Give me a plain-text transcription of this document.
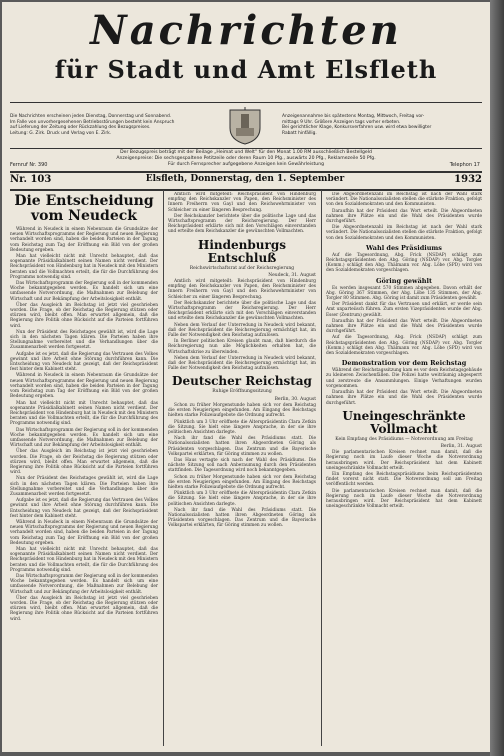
Nachrichten
für Stadt und Amt Elsfleth
Die Nachrichten erscheinen jeden Dienstag, Donnerstag und Sonnabend.
Im Falle von unvorhergesehenen Betriebsstörungen besteht kein Anspruch
auf Lieferung der Zeitung oder Rückzahlung des Bezugspreises.
Leitung: G. Zirk. Druck und Verlag von E. Zirk.
Anzeigenannahme bis spätestens Montag, Mittwoch, Freitag vor-
mittags 9 Uhr. Größere Anzeigen tags vorher erbeten.
Bei gerichtlicher Klage, Konkursverfahren usw. wird etwa bewilligter
Rabatt hinfällig.
Der Bezugspreis beträgt mit der Beilage „Heimat und Welt“ für den Monat 1.00 RM ausschließlich Bestellgeld
Anzeigenpreise: Die sechsgespaltene Petitzeile oder deren Raum 10 Pfg., auswärts 20 Pfg., Reklamezeile 50 Pfg.
Für durch Fernsprecher aufgegebene Anzeigen kein Gewährleistung
Fernruf Nr. 390	Telephon 17
Nr. 103	Elsfleth, Donnerstag, den 1. September	1932
Die Entscheidung vom Neudeck

Während in Neudeck in einem Nebenraum die Grundsätze der neuen Wirtschaftsprogramms der Regierung und neuen Regierung verhandelt worden sind, haben die beiden Parteien in der Tagung vom Reichstag zum Tag der Eröffnung ein Bild von der großen Bedeutung ergeben.

Man hat vielleicht nicht mit Unrecht behauptet, daß das sogenannte Präsidialkabinett seinen Namen nicht verdient. Der Reichspräsident von Hindenburg hat in Neudeck mit den Ministern beraten und die Vollmachten erteilt, die für die Durchführung des Programms notwendig sind.

Das Wirtschaftsprogramm der Regierung soll in der kommenden Woche bekanntgegeben werden. Es handelt sich um eine umfassende Notverordnung, die Maßnahmen zur Belebung der Wirtschaft und zur Bekämpfung der Arbeitslosigkeit enthält.

Über das Ausgleich im Reichstag ist jetzt viel geschrieben worden. Die Frage, ob der Reichstag die Regierung stützen oder stürzen wird, bleibt offen. Man erwartet allgemein, daß die Regierung ihre Politik ohne Rücksicht auf die Parteien fortführen wird.

Nun der Präsident des Reichstages gewählt ist, wird die Lage sich in den nächsten Tagen klären. Die Parteien haben ihre Stellungnahme vorbereitet und die Verhandlungen über die Zusammenarbeit werden fortgesetzt.

Aufgabe ist es jetzt, daß die Regierung das Vertrauen des Volkes gewinnt und ihre Arbeit ohne Störung durchführen kann. Die Entscheidung von Neudeck hat gezeigt, daß der Reichspräsident fest hinter dem Kabinett steht.

Während in Neudeck in einem Nebenraum die Grundsätze der neuen Wirtschaftsprogramms der Regierung und neuen Regierung verhandelt worden sind, haben die beiden Parteien in der Tagung vom Reichstag zum Tag der Eröffnung ein Bild von der großen Bedeutung ergeben.

Man hat vielleicht nicht mit Unrecht behauptet, daß das sogenannte Präsidialkabinett seinen Namen nicht verdient. Der Reichspräsident von Hindenburg hat in Neudeck mit den Ministern beraten und die Vollmachten erteilt, die für die Durchführung des Programms notwendig sind.

Das Wirtschaftsprogramm der Regierung soll in der kommenden Woche bekanntgegeben werden. Es handelt sich um eine umfassende Notverordnung, die Maßnahmen zur Belebung der Wirtschaft und zur Bekämpfung der Arbeitslosigkeit enthält.

Über das Ausgleich im Reichstag ist jetzt viel geschrieben worden. Die Frage, ob der Reichstag die Regierung stützen oder stürzen wird, bleibt offen. Man erwartet allgemein, daß die Regierung ihre Politik ohne Rücksicht auf die Parteien fortführen wird.

Nun der Präsident des Reichstages gewählt ist, wird die Lage sich in den nächsten Tagen klären. Die Parteien haben ihre Stellungnahme vorbereitet und die Verhandlungen über die Zusammenarbeit werden fortgesetzt.

Aufgabe ist es jetzt, daß die Regierung das Vertrauen des Volkes gewinnt und ihre Arbeit ohne Störung durchführen kann. Die Entscheidung von Neudeck hat gezeigt, daß der Reichspräsident fest hinter dem Kabinett steht.

Während in Neudeck in einem Nebenraum die Grundsätze der neuen Wirtschaftsprogramms der Regierung und neuen Regierung verhandelt worden sind, haben die beiden Parteien in der Tagung vom Reichstag zum Tag der Eröffnung ein Bild von der großen Bedeutung ergeben.

Man hat vielleicht nicht mit Unrecht behauptet, daß das sogenannte Präsidialkabinett seinen Namen nicht verdient. Der Reichspräsident von Hindenburg hat in Neudeck mit den Ministern beraten und die Vollmachten erteilt, die für die Durchführung des Programms notwendig sind.

Das Wirtschaftsprogramm der Regierung soll in der kommenden Woche bekanntgegeben werden. Es handelt sich um eine umfassende Notverordnung, die Maßnahmen zur Belebung der Wirtschaft und zur Bekämpfung der Arbeitslosigkeit enthält.

Über das Ausgleich im Reichstag ist jetzt viel geschrieben worden. Die Frage, ob der Reichstag die Regierung stützen oder stürzen wird, bleibt offen. Man erwartet allgemein, daß die Regierung ihre Politik ohne Rücksicht auf die Parteien fortführen wird.

Amtlich wird mitgeteilt: Reichspräsident von Hindenburg empfing den Reichskanzler von Papen, den Reichsminister des Innern Freiherrn von Gayl und den Reichswehrminister von Schleicher zu einer längeren Besprechung.

Der Reichskanzler berichtete über die politische Lage und das Wirtschaftsprogramm der Reichsregierung. Der Herr Reichspräsident erklärte sich mit den Vorschlägen einverstanden und erteilte dem Reichskanzler die gewünschten Vollmachten.

Hindenburgs Entschluß
Reichswirtschaftsrat auf der Reichsregierung
Neudeck, 31. August

Amtlich wird mitgeteilt: Reichspräsident von Hindenburg empfing den Reichskanzler von Papen, den Reichsminister des Innern Freiherrn von Gayl und den Reichswehrminister von Schleicher zu einer längeren Besprechung.

Der Reichskanzler berichtete über die politische Lage und das Wirtschaftsprogramm der Reichsregierung. Der Herr Reichspräsident erklärte sich mit den Vorschlägen einverstanden und erteilte dem Reichskanzler die gewünschten Vollmachten.

Neben dem Verlauf der Unterredung in Neudeck wird bekannt, daß der Reichspräsident die Reichsregierung ermächtigt hat, im Falle der Notwendigkeit den Reichstag aufzulösen.

In Berliner politischen Kreisen glaubt man, daß hierdurch die Reichsregierung nun alle Möglichkeiten erhalten hat, die Wirtschaftskrise zu überwinden.

Neben dem Verlauf der Unterredung in Neudeck wird bekannt, daß der Reichspräsident die Reichsregierung ermächtigt hat, im Falle der Notwendigkeit den Reichstag aufzulösen.

Deutscher Reichstag
Ruhige Eröffnungssitzung
Berlin, 30. August

Schon zu früher Morgenstunde haben sich vor dem Reichstag die ersten Neugierigen eingefunden. Am Eingang des Reichstags hielten starke Polizeiaufgebote die Ordnung aufrecht.

Pünktlich um 3 Uhr eröffnete die Alterspräsidentin Clara Zetkin die Sitzung. Sie hielt eine längere Ansprache, in der sie ihre politischen Ansichten darlegte.

Nach ihr fand die Wahl des Präsidiums statt. Die Nationalsozialisten hatten ihren Abgeordneten Göring als Präsidenten vorgeschlagen. Das Zentrum und die Bayerische Volkspartei erklärten, für Göring stimmen zu wollen.

Das Haus vertagte sich nach der Wahl des Präsidiums. Die nächste Sitzung soll nach Anberaumung durch den Präsidenten stattfinden. Die Tagesordnung wird noch bekanntgegeben.

Schon zu früher Morgenstunde haben sich vor dem Reichstag die ersten Neugierigen eingefunden. Am Eingang des Reichstags hielten starke Polizeiaufgebote die Ordnung aufrecht.

Pünktlich um 3 Uhr eröffnete die Alterspräsidentin Clara Zetkin die Sitzung. Sie hielt eine längere Ansprache, in der sie ihre politischen Ansichten darlegte.

Nach ihr fand die Wahl des Präsidiums statt. Die Nationalsozialisten hatten ihren Abgeordneten Göring als Präsidenten vorgeschlagen. Das Zentrum und die Bayerische Volkspartei erklärten, für Göring stimmen zu wollen.

Die Abgeordnetenzahl im Reichstag ist nach der Wahl stark verändert. Die Nationalsozialisten stellen die stärkste Fraktion, gefolgt von den Sozialdemokraten und den Kommunisten.

Daraufhin hat der Präsident das Wort erteilt. Die Abgeordneten nahmen ihre Plätze ein und die Wahl des Präsidenten wurde durchgeführt.

Die Abgeordnetenzahl im Reichstag ist nach der Wahl stark verändert. Die Nationalsozialisten stellen die stärkste Fraktion, gefolgt von den Sozialdemokraten und den Kommunisten.

Wahl des Präsidiums

Auf die Tagesordnung, Abg. Frick (NSDAP) schlägt zum Reichstagspräsidenten den Abg. Göring (NSDAP) vor. Abg. Torgler (Komm.) schlägt den Abg. Thälmann vor. Abg. Löbe (SPD) wird von den Sozialdemokraten vorgeschlagen.

Göring gewählt

Es werden insgesamt 570 Stimmen abgegeben. Davon erhält der Abg. Göring 367 Stimmen, der Abg. Löbe 135 Stimmen, der Abg. Torgler 80 Stimmen. Abg. Göring ist damit zum Präsidenten gewählt.

Der Präsident dankt für das Vertrauen und erklärt, er werde sein Amt unparteiisch führen. Zum ersten Vizepräsidenten wurde der Abg. Esser (Zentrum) gewählt.

Daraufhin hat der Präsident das Wort erteilt. Die Abgeordneten nahmen ihre Plätze ein und die Wahl des Präsidenten wurde durchgeführt.

Auf die Tagesordnung, Abg. Frick (NSDAP) schlägt zum Reichstagspräsidenten den Abg. Göring (NSDAP) vor. Abg. Torgler (Komm.) schlägt den Abg. Thälmann vor. Abg. Löbe (SPD) wird von den Sozialdemokraten vorgeschlagen.

Demonstration vor dem Reichstag

Während der Reichstagssitzung kam es vor dem Reichstagsgebäude zu kleineren Zwischenfällen. Die Polizei hatte weiträumig abgesperrt und zerstreute die Ansammlungen. Einige Verhaftungen wurden vorgenommen.

Daraufhin hat der Präsident das Wort erteilt. Die Abgeordneten nahmen ihre Plätze ein und die Wahl des Präsidenten wurde durchgeführt.

Uneingeschränkte Vollmacht
Kein Empfang des Präsidiums — Notverordnung am Freitag
Berlin, 31. August

Die parlamentarischen Kreisen rechnet man damit, daß die Regierung noch im Laufe dieser Woche die Notverordnung herausbringen wird. Der Reichspräsident hat dem Kabinett uneingeschränkte Vollmacht erteilt.

Ein Empfang des Reichstagspräsidiums beim Reichspräsidenten findet vorerst nicht statt. Die Notverordnung soll am Freitag veröffentlicht werden.

Die parlamentarischen Kreisen rechnet man damit, daß die Regierung noch im Laufe dieser Woche die Notverordnung herausbringen wird. Der Reichspräsident hat dem Kabinett uneingeschränkte Vollmacht erteilt.
